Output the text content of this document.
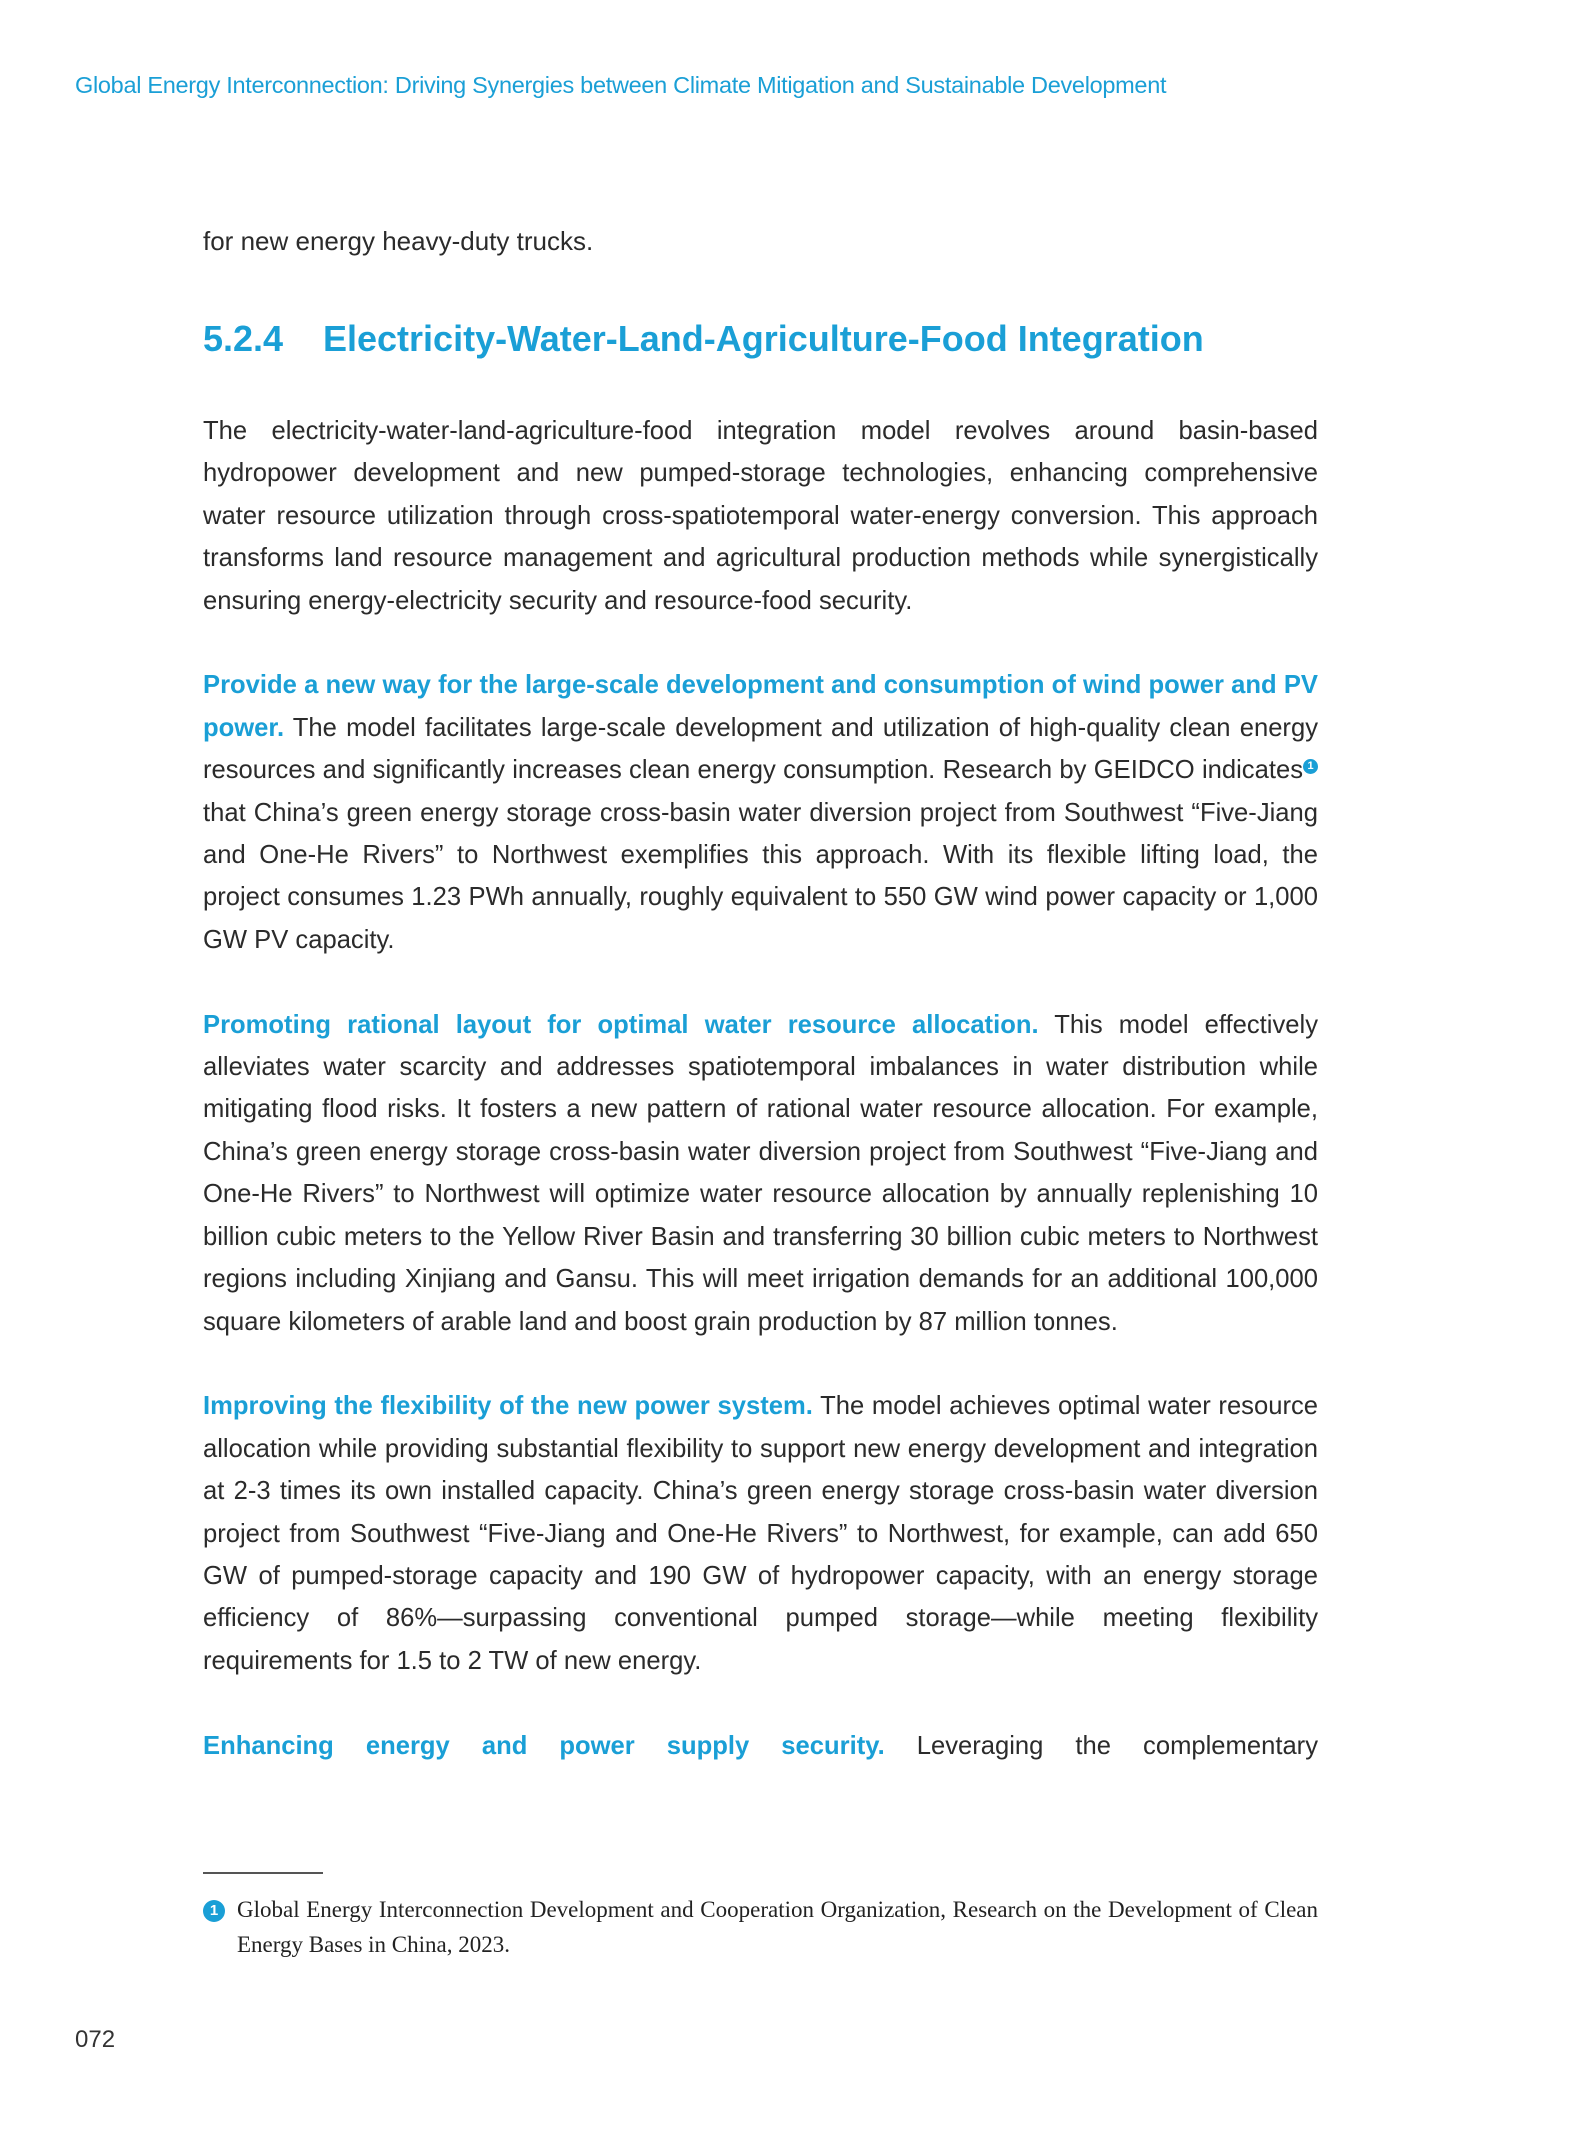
Global Energy Interconnection: Driving Synergies between Climate Mitigation and Sustainable Development
for new energy heavy-duty trucks.
5.2.4 Electricity-Water-Land-Agriculture-Food Integration

The electricity-water-land-agriculture-food integration model revolves around basin-based hydropower development and new pumped-storage technologies, enhancing comprehensive water resource utilization through cross-spatiotemporal water-energy conversion. This approach transforms land resource management and agricultural production methods while synergistically ensuring energy-electricity security and resource-food security.

Provide a new way for the large-scale development and consumption of wind power and PV power. The model facilitates large-scale development and utilization of high-quality clean energy resources and significantly increases clean energy consumption. Research by GEIDCO indicates 1 that China’s green energy storage cross-basin water diversion project from Southwest “Five-Jiang and One-He Rivers” to Northwest exemplifies this approach. With its flexible lifting load, the project consumes 1.23 PWh annually, roughly equivalent to 550 GW wind power capacity or 1,000 GW PV capacity.

Promoting rational layout for optimal water resource allocation. This model effectively alleviates water scarcity and addresses spatiotemporal imbalances in water distribution while mitigating flood risks. It fosters a new pattern of rational water resource allocation. For example, China’s green energy storage cross-basin water diversion project from Southwest “Five-Jiang and One-He Rivers” to Northwest will optimize water resource allocation by annually replenishing 10 billion cubic meters to the Yellow River Basin and transferring 30 billion cubic meters to Northwest regions including Xinjiang and Gansu. This will meet irrigation demands for an additional 100,000 square kilometers of arable land and boost grain production by 87 million tonnes.

Improving the flexibility of the new power system. The model achieves optimal water resource allocation while providing substantial flexibility to support new energy development and integration at 2-3 times its own installed capacity. China’s green energy storage cross-basin water diversion project from Southwest “Five-Jiang and One-He Rivers” to Northwest, for example, can add 650 GW of pumped-storage capacity and 190 GW of hydropower capacity, with an energy storage efficiency of 86%—surpassing conventional pumped storage—while meeting flexibility requirements for 1.5 to 2 TW of new energy.

Enhancing energy and power supply security. Leveraging the complementary

1 Global Energy Interconnection Development and Cooperation Organization, Research on the Development of Clean Energy Bases in China, 2023.
072
